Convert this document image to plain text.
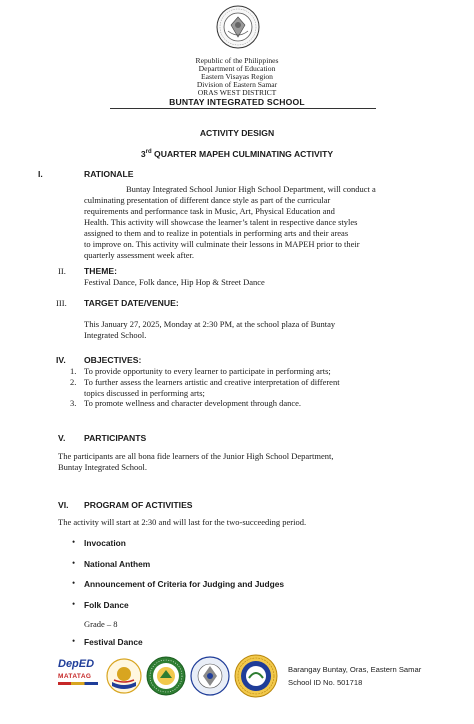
Republic of the Philippines
Department of Education
Eastern Visayas Region
Division of Eastern Samar
ORAS WEST DISTRICT
BUNTAY INTEGRATED SCHOOL
ACTIVITY DESIGN
3rd QUARTER MAPEH CULMINATING ACTIVITY
I.	RATIONALE
Buntay Integrated School Junior High School Department, will conduct a
culminating presentation of different dance style as part of the curricular
requirements and performance task in Music, Art, Physical Education and
Health. This activity will showcase the learner’s talent in respective dance styles
assigned to them and to realize in potentials in performing arts and their areas
to improve on. This activity will culminate their lessons in MAPEH prior to their
quarterly assessment week after.
II. THEME:
Festival Dance, Folk dance, Hip Hop & Street Dance
III. TARGET DATE/VENUE:
This January 27, 2025, Monday at 2:30 PM, at the school plaza of Buntay
Integrated School.
IV. OBJECTIVES:
1. To provide opportunity to every learner to participate in performing arts;
2. To further assess the learners artistic and creative interpretation of different
topics discussed in performing arts;
3. To promote wellness and character development through dance.
V. PARTICIPANTS
The participants are all bona fide learners of the Junior High School Department,
Buntay Integrated School.
VI. PROGRAM OF ACTIVITIES
The activity will start at 2:30 and will last for the two-succeeding period.
• Invocation
• National Anthem
• Announcement of Criteria for Judging and Judges
• Folk Dance
Grade – 8
• Festival Dance
DepED
MATATAG
Barangay Buntay, Oras, Eastern Samar
School ID No. 501718
